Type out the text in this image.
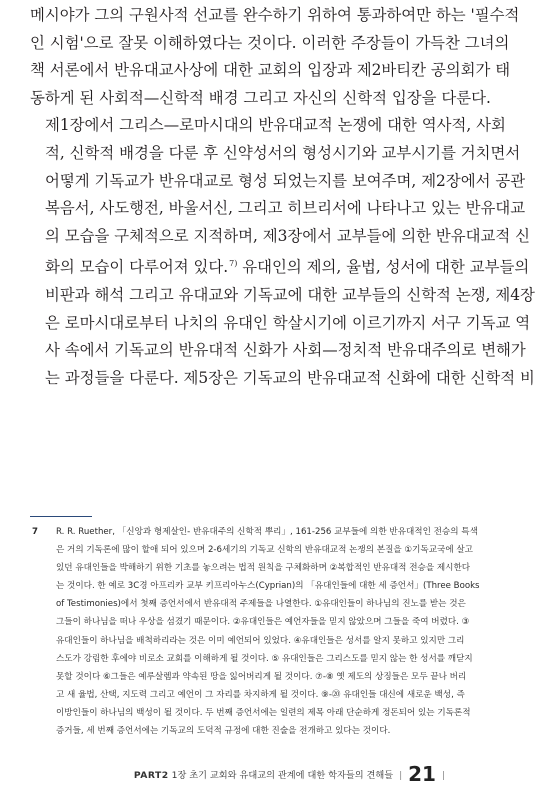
메시야가 그의 구원사적 선교를 완수하기 위하여 통과하여만 하는 '필수적
인 시험'으로 잘못 이해하였다는 것이다. 이러한 주장들이 가득찬 그녀의
책 서론에서 반유대교사상에 대한 교회의 입장과 제2바티칸 공의회가 태
동하게 된 사회적—신학적 배경 그리고 자신의 신학적 입장을 다룬다.

제1장에서 그리스—로마시대의 반유대교적 논쟁에 대한 역사적, 사회
적, 신학적 배경을 다룬 후 신약성서의 형성시기와 교부시기를 거치면서
어떻게 기독교가 반유대교로 형성 되었는지를 보여주며, 제2장에서 공관
복음서, 사도행전, 바울서신, 그리고 히브리서에 나타나고 있는 반유대교
의 모습을 구체적으로 지적하며, 제3장에서 교부들에 의한 반유대교적 신
화의 모습이 다루어져 있다.$^{7)}$ 유대인의 제의, 율법, 성서에 대한 교부들의
비판과 해석 그리고 유대교와 기독교에 대한 교부들의 신학적 논쟁, 제4장
은 로마시대로부터 나치의 유대인 학살시기에 이르기까지 서구 기독교 역
사 속에서 기독교의 반유대적 신화가 사회—정치적 반유대주의로 변해가
는 과정들을 다룬다. 제5장은 기독교의 반유대교적 신화에 대한 신학적 비

7 R. R. Ruether, 「신앙과 형제살인- 반유대주의 신학적 뿌리」, 161-256 교부들에 의한 반유대적인 전승의 특색
은 거의 기독론에 많이 할애 되어 있으며 2-6세기의 기독교 신학의 반유대교적 논쟁의 본질을 ①기독교국에 살고
있던 유대인들을 박해하기 위한 기초를 놓으려는 법적 원칙을 구체화하며 ②복합적인 반유대적 전승을 제시한다
는 것이다. 한 예로 3C경 아프리카 교부 키프리아누스(Cyprian)의 「유대인들에 대한 세 증언서」(Three Books
of Testimonies)에서 첫째 증언서에서 반유대적 주제들을 나열한다. ①유대인들이 하나님의 진노를 받는 것은
그들이 하나님을 떠나 우상을 섬겼기 때문이다. ②유대인들은 예언자들을 믿지 않았으며 그들을 죽여 버렸다. ③
유대인들이 하나님을 배척하리라는 것은 이미 예언되어 있었다. ④유대인들은 성서를 알지 못하고 있지만 그리
스도가 강림한 후에야 비로소 교회를 이해하게 될 것이다. ⑤ 유대인들은 그리스도를 믿지 않는 한 성서를 깨닫지
못할 것이다 ⑥그들은 예루살렘과 약속된 땅을 잃어버리게 될 것이다. ⑦-⑧ 옛 제도의 상징들은 모두 끝나 버리
고 새 율법, 산택, 지도력 그리고 예언이 그 자리를 차지하게 될 것이다. ⑨-⑳ 유대인들 대신에 새로운 백성, 즉
이방인들이 하나님의 백성이 될 것이다. 두 번째 증언서에는 일련의 제목 아래 단순하게 정돈되어 있는 기독론적
증거들, 세 번째 증언서에는 기독교의 도덕적 규정에 대한 진술을 전개하고 있다는 것이다.
PART2 1장 초기 교회와 유대교의 관계에 대한 학자들의 견해들 | 21 |
